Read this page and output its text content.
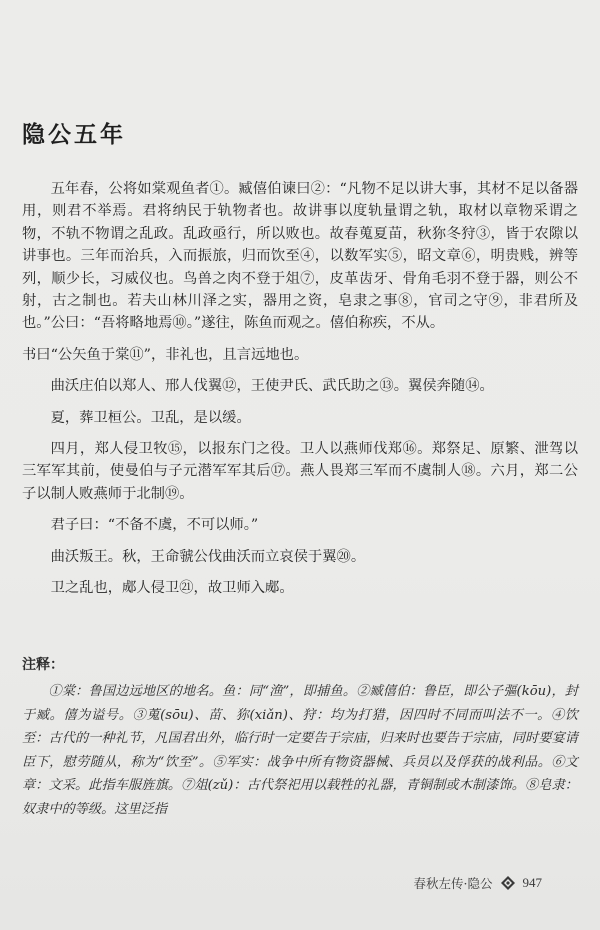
隐公五年

五年春，公将如棠观鱼者①。臧僖伯谏曰②：“凡物不足以讲大事，其材不足以备器用，则君不举焉。君将纳民于轨物者也。故讲事以度轨量谓之轨，取材以章物采谓之物，不轨不物谓之乱政。乱政亟行，所以败也。故春蒐夏苗，秋狝冬狩③，皆于农隙以讲事也。三年而治兵，入而振旅，归而饮至④，以数军实⑤，昭文章⑥，明贵贱，辨等列，顺少长，习威仪也。鸟兽之肉不登于俎⑦，皮革齿牙、骨角毛羽不登于器，则公不射，古之制也。若夫山林川泽之实，器用之资，皂隶之事⑧，官司之守⑨，非君所及也。”公曰：“吾将略地焉⑩。”遂往，陈鱼而观之。僖伯称疾，不从。

书曰“公矢鱼于棠⑪”，非礼也，且言远地也。

曲沃庄伯以郑人、邢人伐翼⑫，王使尹氏、武氏助之⑬。翼侯奔随⑭。

夏，葬卫桓公。卫乱，是以缓。

四月，郑人侵卫牧⑮，以报东门之役。卫人以燕师伐郑⑯。郑祭足、原繁、泄驾以三军军其前，使曼伯与子元潜军军其后⑰。燕人畏郑三军而不虞制人⑱。六月，郑二公子以制人败燕师于北制⑲。

君子曰：“不备不虞，不可以师。”

曲沃叛王。秋，王命虢公伐曲沃而立哀侯于翼⑳。

卫之乱也，郕人侵卫㉑，故卫师入郕。

注释：

①棠：鲁国边远地区的地名。鱼：同“渔”，即捕鱼。②臧僖伯：鲁臣，即公子彄(kōu)，封于臧。僖为谥号。③蒐(sōu)、苗、狝(xiǎn)、狩：均为打猎，因四时不同而叫法不一。④饮至：古代的一种礼节，凡国君出外，临行时一定要告于宗庙，归来时也要告于宗庙，同时要宴请臣下，慰劳随从，称为“饮至”。⑤军实：战争中所有物资器械、兵员以及俘获的战利品。⑥文章：文采。此指车服旌旗。⑦俎(zǔ)：古代祭祀用以载牲的礼器，青铜制或木制漆饰。⑧皂隶：奴隶中的等级。这里泛指

春秋左传·隐公 947
